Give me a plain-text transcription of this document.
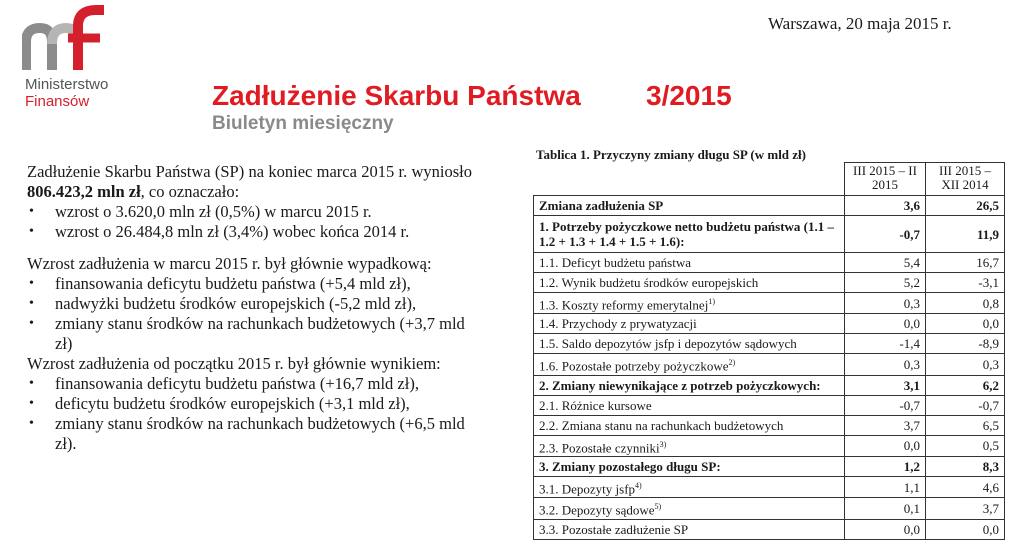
Ministerstwo
Finansów
Warszawa, 20 maja 2015 r.
Zadłużenie Skarbu Państwa 3/2015
Biuletyn miesięczny

Zadłużenie Skarbu Państwa (SP) na koniec marca 2015 r. wyniosło 806.423,2 mln zł, co oznaczało:

• wzrost o 3.620,0 mln zł (0,5%) w marcu 2015 r.
• wzrost o 26.484,8 mln zł (3,4%) wobec końca 2014 r.

Wzrost zadłużenia w marcu 2015 r. był głównie wypadkową:

• finansowania deficytu budżetu państwa (+5,4 mld zł),
• nadwyżki budżetu środków europejskich (-5,2 mld zł),
• zmiany stanu środków na rachunkach budżetowych (+3,7 mld zł)

Wzrost zadłużenia od początku 2015 r. był głównie wynikiem:

• finansowania deficytu budżetu państwa (+16,7 mld zł),
• deficytu budżetu środków europejskich (+3,1 mld zł),
• zmiany stanu środków na rachunkach budżetowych (+6,5 mld zł).
Tablica 1. Przyczyny zmiany długu SP (w mld zł)
	III 2015 – II 2015	III 2015 – XII 2014
Zmiana zadłużenia SP	3,6	26,5
1. Potrzeby pożyczkowe netto budżetu państwa (1.1 – 1.2 + 1.3 + 1.4 + 1.5 + 1.6):	-0,7	11,9
1.1. Deficyt budżetu państwa	5,4	16,7
1.2. Wynik budżetu środków europejskich	5,2	-3,1
1.3. Koszty reformy emerytalnej$^{1)}$	0,3	0,8
1.4. Przychody z prywatyzacji	0,0	0,0
1.5. Saldo depozytów jsfp i depozytów sądowych	-1,4	-8,9
1.6. Pozostałe potrzeby pożyczkowe$^{2)}$	0,3	0,3
2. Zmiany niewynikające z potrzeb pożyczkowych:	3,1	6,2
2.1. Różnice kursowe	-0,7	-0,7
2.2. Zmiana stanu na rachunkach budżetowych	3,7	6,5
2.3. Pozostałe czynniki$^{3)}$	0,0	0,5
3. Zmiany pozostałego długu SP:	1,2	8,3
3.1. Depozyty jsfp$^{4)}$	1,1	4,6
3.2. Depozyty sądowe$^{5)}$	0,1	3,7
3.3. Pozostałe zadłużenie SP	0,0	0,0
